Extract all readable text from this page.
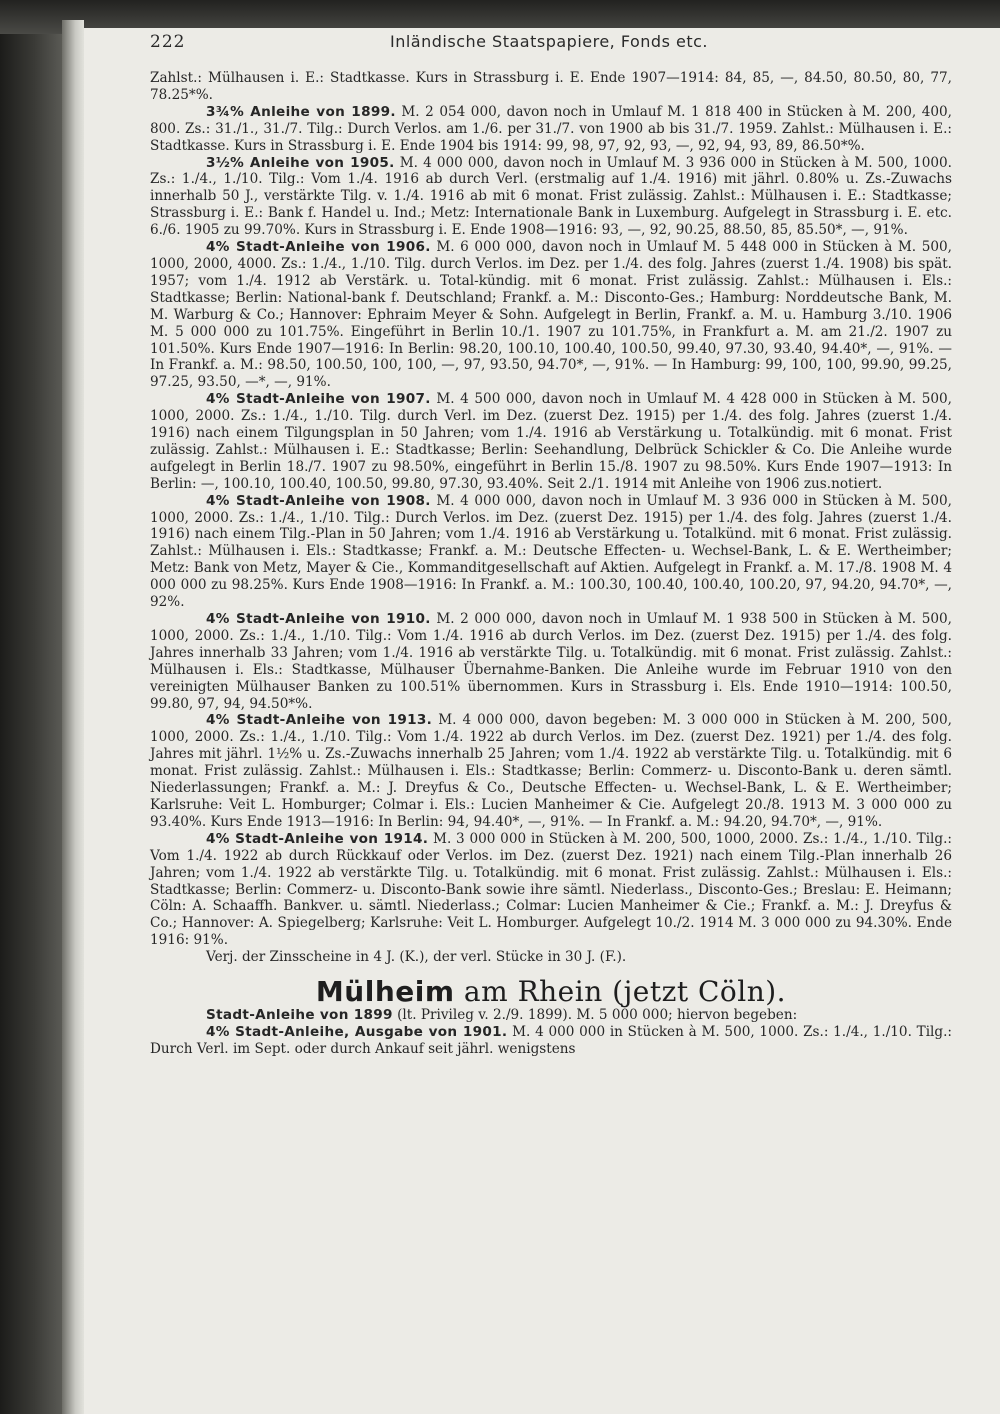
222	Inländische Staatspapiere, Fonds etc.

Zahlst.: Mülhausen i. E.: Stadtkasse. Kurs in Strassburg i. E. Ende 1907—1914: 84, 85, —, 84.50, 80.50, 80, 77, 78.25*%.

3¾% Anleihe von 1899. M. 2 054 000, davon noch in Umlauf M. 1 818 400 in Stücken à M. 200, 400, 800. Zs.: 31./1., 31./7. Tilg.: Durch Verlos. am 1./6. per 31./7. von 1900 ab bis 31./7. 1959. Zahlst.: Mülhausen i. E.: Stadtkasse. Kurs in Strassburg i. E. Ende 1904 bis 1914: 99, 98, 97, 92, 93, —, 92, 94, 93, 89, 86.50*%.

3½% Anleihe von 1905. M. 4 000 000, davon noch in Umlauf M. 3 936 000 in Stücken à M. 500, 1000. Zs.: 1./4., 1./10. Tilg.: Vom 1./4. 1916 ab durch Verl. (erstmalig auf 1./4. 1916) mit jährl. 0.80% u. Zs.-Zuwachs innerhalb 50 J., verstärkte Tilg. v. 1./4. 1916 ab mit 6 monat. Frist zulässig. Zahlst.: Mülhausen i. E.: Stadtkasse; Strassburg i. E.: Bank f. Handel u. Ind.; Metz: Internationale Bank in Luxemburg. Aufgelegt in Strassburg i. E. etc. 6./6. 1905 zu 99.70%. Kurs in Strassburg i. E. Ende 1908—1916: 93, —, 92, 90.25, 88.50, 85, 85.50*, —, 91%.

4% Stadt-Anleihe von 1906. M. 6 000 000, davon noch in Umlauf M. 5 448 000 in Stücken à M. 500, 1000, 2000, 4000. Zs.: 1./4., 1./10. Tilg. durch Verlos. im Dez. per 1./4. des folg. Jahres (zuerst 1./4. 1908) bis spät. 1957; vom 1./4. 1912 ab Verstärk. u. Total-kündig. mit 6 monat. Frist zulässig. Zahlst.: Mülhausen i. Els.: Stadtkasse; Berlin: National-bank f. Deutschland; Frankf. a. M.: Disconto-Ges.; Hamburg: Norddeutsche Bank, M. M. Warburg & Co.; Hannover: Ephraim Meyer & Sohn. Aufgelegt in Berlin, Frankf. a. M. u. Hamburg 3./10. 1906 M. 5 000 000 zu 101.75%. Eingeführt in Berlin 10./1. 1907 zu 101.75%, in Frankfurt a. M. am 21./2. 1907 zu 101.50%. Kurs Ende 1907—1916: In Berlin: 98.20, 100.10, 100.40, 100.50, 99.40, 97.30, 93.40, 94.40*, —, 91%. — In Frankf. a. M.: 98.50, 100.50, 100, 100, —, 97, 93.50, 94.70*, —, 91%. — In Hamburg: 99, 100, 100, 99.90, 99.25, 97.25, 93.50, —*, —, 91%.

4% Stadt-Anleihe von 1907. M. 4 500 000, davon noch in Umlauf M. 4 428 000 in Stücken à M. 500, 1000, 2000. Zs.: 1./4., 1./10. Tilg. durch Verl. im Dez. (zuerst Dez. 1915) per 1./4. des folg. Jahres (zuerst 1./4. 1916) nach einem Tilgungsplan in 50 Jahren; vom 1./4. 1916 ab Verstärkung u. Totalkündig. mit 6 monat. Frist zulässig. Zahlst.: Mülhausen i. E.: Stadtkasse; Berlin: Seehandlung, Delbrück Schickler & Co. Die Anleihe wurde aufgelegt in Berlin 18./7. 1907 zu 98.50%, eingeführt in Berlin 15./8. 1907 zu 98.50%. Kurs Ende 1907—1913: In Berlin: —, 100.10, 100.40, 100.50, 99.80, 97.30, 93.40%. Seit 2./1. 1914 mit Anleihe von 1906 zus.notiert.

4% Stadt-Anleihe von 1908. M. 4 000 000, davon noch in Umlauf M. 3 936 000 in Stücken à M. 500, 1000, 2000. Zs.: 1./4., 1./10. Tilg.: Durch Verlos. im Dez. (zuerst Dez. 1915) per 1./4. des folg. Jahres (zuerst 1./4. 1916) nach einem Tilg.-Plan in 50 Jahren; vom 1./4. 1916 ab Verstärkung u. Totalkünd. mit 6 monat. Frist zulässig. Zahlst.: Mülhausen i. Els.: Stadtkasse; Frankf. a. M.: Deutsche Effecten- u. Wechsel-Bank, L. & E. Wertheimber; Metz: Bank von Metz, Mayer & Cie., Kommanditgesellschaft auf Aktien. Aufgelegt in Frankf. a. M. 17./8. 1908 M. 4 000 000 zu 98.25%. Kurs Ende 1908—1916: In Frankf. a. M.: 100.30, 100.40, 100.40, 100.20, 97, 94.20, 94.70*, —, 92%.

4% Stadt-Anleihe von 1910. M. 2 000 000, davon noch in Umlauf M. 1 938 500 in Stücken à M. 500, 1000, 2000. Zs.: 1./4., 1./10. Tilg.: Vom 1./4. 1916 ab durch Verlos. im Dez. (zuerst Dez. 1915) per 1./4. des folg. Jahres innerhalb 33 Jahren; vom 1./4. 1916 ab verstärkte Tilg. u. Totalkündig. mit 6 monat. Frist zulässig. Zahlst.: Mülhausen i. Els.: Stadtkasse, Mülhauser Übernahme-Banken. Die Anleihe wurde im Februar 1910 von den vereinigten Mülhauser Banken zu 100.51% übernommen. Kurs in Strassburg i. Els. Ende 1910—1914: 100.50, 99.80, 97, 94, 94.50*%.

4% Stadt-Anleihe von 1913. M. 4 000 000, davon begeben: M. 3 000 000 in Stücken à M. 200, 500, 1000, 2000. Zs.: 1./4., 1./10. Tilg.: Vom 1./4. 1922 ab durch Verlos. im Dez. (zuerst Dez. 1921) per 1./4. des folg. Jahres mit jährl. 1½% u. Zs.-Zuwachs innerhalb 25 Jahren; vom 1./4. 1922 ab verstärkte Tilg. u. Totalkündig. mit 6 monat. Frist zulässig. Zahlst.: Mülhausen i. Els.: Stadtkasse; Berlin: Commerz- u. Disconto-Bank u. deren sämtl. Niederlassungen; Frankf. a. M.: J. Dreyfus & Co., Deutsche Effecten- u. Wechsel-Bank, L. & E. Wertheimber; Karlsruhe: Veit L. Homburger; Colmar i. Els.: Lucien Manheimer & Cie. Aufgelegt 20./8. 1913 M. 3 000 000 zu 93.40%. Kurs Ende 1913—1916: In Berlin: 94, 94.40*, —, 91%. — In Frankf. a. M.: 94.20, 94.70*, —, 91%.

4% Stadt-Anleihe von 1914. M. 3 000 000 in Stücken à M. 200, 500, 1000, 2000. Zs.: 1./4., 1./10. Tilg.: Vom 1./4. 1922 ab durch Rückkauf oder Verlos. im Dez. (zuerst Dez. 1921) nach einem Tilg.-Plan innerhalb 26 Jahren; vom 1./4. 1922 ab verstärkte Tilg. u. Totalkündig. mit 6 monat. Frist zulässig. Zahlst.: Mülhausen i. Els.: Stadtkasse; Berlin: Commerz- u. Disconto-Bank sowie ihre sämtl. Niederlass., Disconto-Ges.; Breslau: E. Heimann; Cöln: A. Schaaffh. Bankver. u. sämtl. Niederlass.; Colmar: Lucien Manheimer & Cie.; Frankf. a. M.: J. Dreyfus & Co.; Hannover: A. Spiegelberg; Karlsruhe: Veit L. Homburger. Aufgelegt 10./2. 1914 M. 3 000 000 zu 94.30%. Ende 1916: 91%.

Verj. der Zinsscheine in 4 J. (K.), der verl. Stücke in 30 J. (F.).

Mülheim am Rhein (jetzt Cöln).

Stadt-Anleihe von 1899 (lt. Privileg v. 2./9. 1899). M. 5 000 000; hiervon begeben:

4% Stadt-Anleihe, Ausgabe von 1901. M. 4 000 000 in Stücken à M. 500, 1000. Zs.: 1./4., 1./10. Tilg.: Durch Verl. im Sept. oder durch Ankauf seit jährl. wenigstens
